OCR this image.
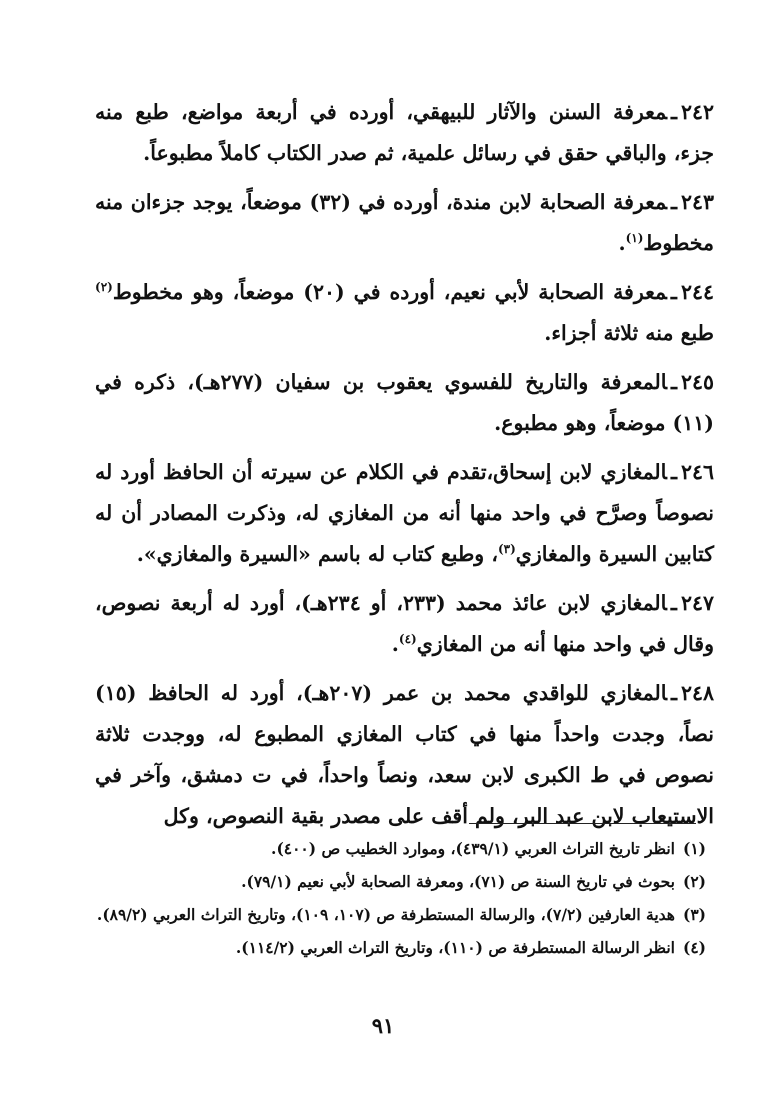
٢٤٢ـمعرفة السنن والآثار للبيهقي، أورده في أربعة مواضع، طبع منه جزء، والباقي حقق في رسائل علمية، ثم صدر الكتاب كاملاً مطبوعاً.

٢٤٣ـمعرفة الصحابة لابن مندة، أورده في (٣٢) موضعاً، يوجد جزءان منه مخطوط$^{(١)}$.

٢٤٤ـمعرفة الصحابة لأبي نعيم، أورده في (٢٠) موضعاً، وهو مخطوط$^{(٢)}$ طبع منه ثلاثة أجزاء.

٢٤٥ـالمعرفة والتاريخ للفسوي يعقوب بن سفيان (٢٧٧هـ)، ذكره في (١١) موضعاً، وهو مطبوع.

٢٤٦ـالمغازي لابن إسحاق،تقدم في الكلام عن سيرته أن الحافظ أورد له نصوصاً وصرَّح في واحد منها أنه من المغازي له، وذكرت المصادر أن له كتابين السيرة والمغازي$^{(٣)}$، وطبع كتاب له باسم «السيرة والمغازي».

٢٤٧ـالمغازي لابن عائذ محمد (٢٣٣، أو ٢٣٤هـ)، أورد له أربعة نصوص، وقال في واحد منها أنه من المغازي$^{(٤)}$.

٢٤٨ـالمغازي للواقدي محمد بن عمر (٢٠٧هـ)، أورد له الحافظ (١٥) نصاً، وجدت واحداً منها في كتاب المغازي المطبوع له، ووجدت ثلاثة نصوص في ط الكبرى لابن سعد، ونصاً واحداً، في ت دمشق، وآخر في الاستيعاب لابن عبد البر، ولم أقف على مصدر بقية النصوص، وكل

(١)انظر تاريخ التراث العربي (٤٣٩/١)، وموارد الخطيب ص (٤٠٠).

(٢)بحوث في تاريخ السنة ص (٧١)، ومعرفة الصحابة لأبي نعيم (٧٩/١).

(٣)هدية العارفين (٧/٢)، والرسالة المستطرفة ص (١٠٧، ١٠٩)، وتاريخ التراث العربي (٨٩/٢).

(٤)انظر الرسالة المستطرفة ص (١١٠)، وتاريخ التراث العربي (١١٤/٢).

٩١
